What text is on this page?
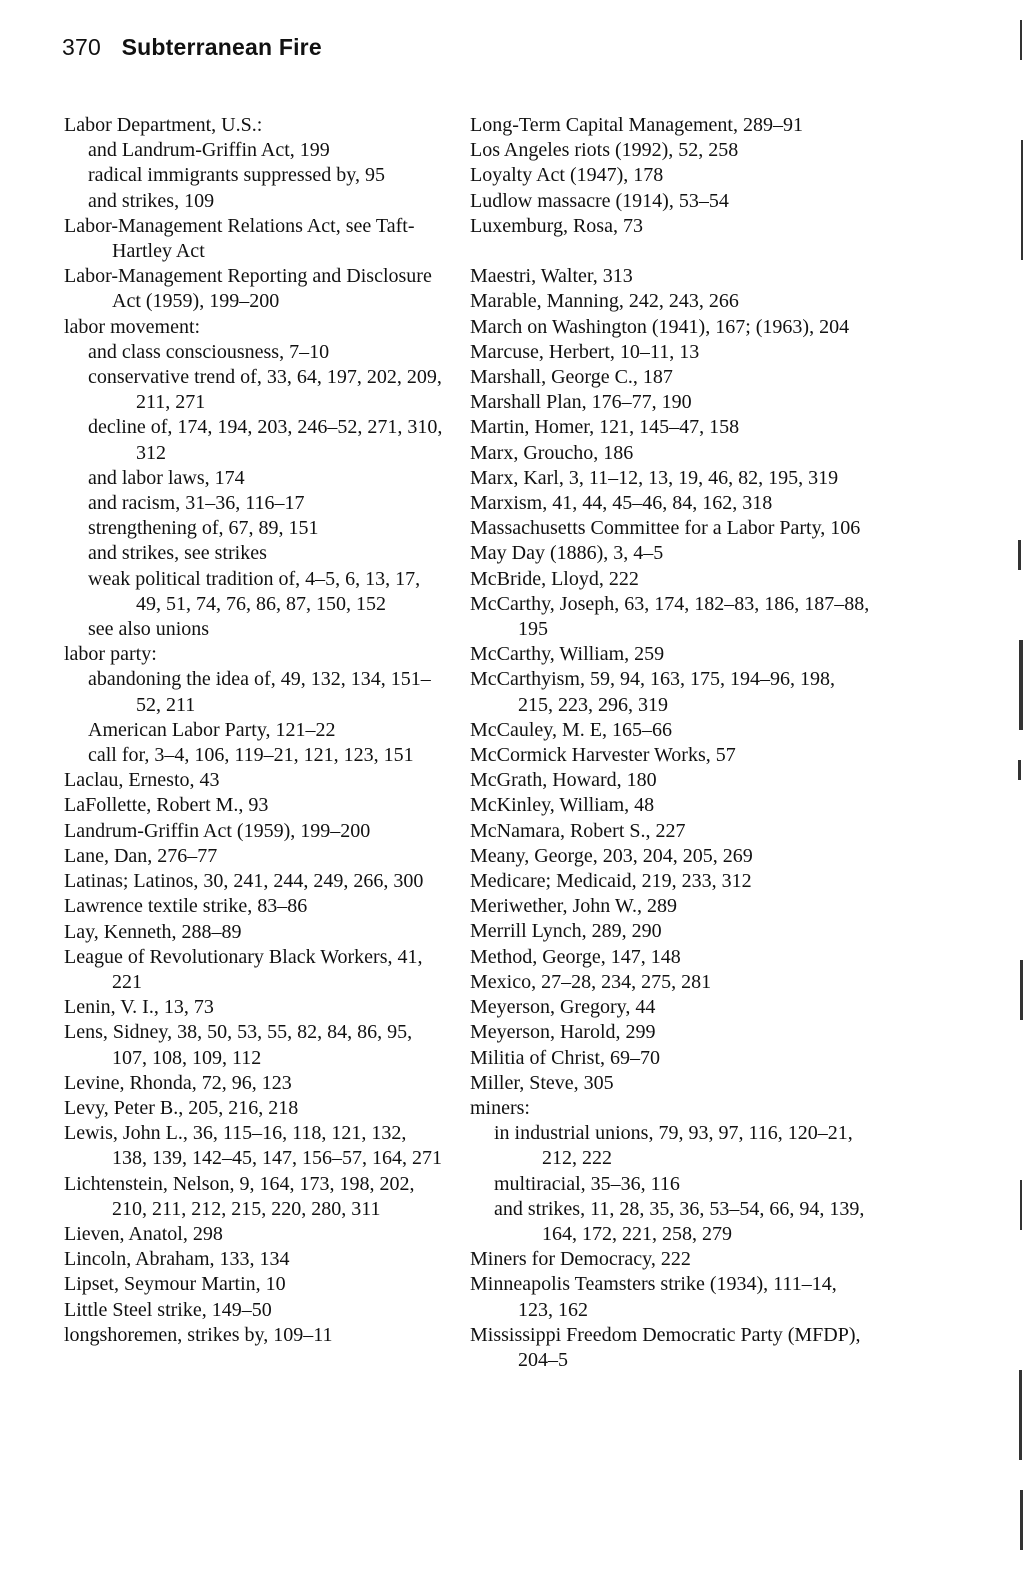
370 Subterranean Fire
Labor Department, U.S.:
and Landrum-Griffin Act, 199
radical immigrants suppressed by, 95
and strikes, 109
Labor-Management Relations Act, see Taft-Hartley Act
Labor-Management Reporting and Disclosure Act (1959), 199–200
labor movement:
and class consciousness, 7–10
conservative trend of, 33, 64, 197, 202, 209, 211, 271
decline of, 174, 194, 203, 246–52, 271, 310, 312
and labor laws, 174
and racism, 31–36, 116–17
strengthening of, 67, 89, 151
and strikes, see strikes
weak political tradition of, 4–5, 6, 13, 17, 49, 51, 74, 76, 86, 87, 150, 152
see also unions
labor party:
abandoning the idea of, 49, 132, 134, 151–52, 211
American Labor Party, 121–22
call for, 3–4, 106, 119–21, 121, 123, 151
Laclau, Ernesto, 43
LaFollette, Robert M., 93
Landrum-Griffin Act (1959), 199–200
Lane, Dan, 276–77
Latinas; Latinos, 30, 241, 244, 249, 266, 300
Lawrence textile strike, 83–86
Lay, Kenneth, 288–89
League of Revolutionary Black Workers, 41, 221
Lenin, V. I., 13, 73
Lens, Sidney, 38, 50, 53, 55, 82, 84, 86, 95, 107, 108, 109, 112
Levine, Rhonda, 72, 96, 123
Levy, Peter B., 205, 216, 218
Lewis, John L., 36, 115–16, 118, 121, 132, 138, 139, 142–45, 147, 156–57, 164, 271
Lichtenstein, Nelson, 9, 164, 173, 198, 202, 210, 211, 212, 215, 220, 280, 311
Lieven, Anatol, 298
Lincoln, Abraham, 133, 134
Lipset, Seymour Martin, 10
Little Steel strike, 149–50
longshoremen, strikes by, 109–11
Long-Term Capital Management, 289–91
Los Angeles riots (1992), 52, 258
Loyalty Act (1947), 178
Ludlow massacre (1914), 53–54
Luxemburg, Rosa, 73
Maestri, Walter, 313
Marable, Manning, 242, 243, 266
March on Washington (1941), 167; (1963), 204
Marcuse, Herbert, 10–11, 13
Marshall, George C., 187
Marshall Plan, 176–77, 190
Martin, Homer, 121, 145–47, 158
Marx, Groucho, 186
Marx, Karl, 3, 11–12, 13, 19, 46, 82, 195, 319
Marxism, 41, 44, 45–46, 84, 162, 318
Massachusetts Committee for a Labor Party, 106
May Day (1886), 3, 4–5
McBride, Lloyd, 222
McCarthy, Joseph, 63, 174, 182–83, 186, 187–88, 195
McCarthy, William, 259
McCarthyism, 59, 94, 163, 175, 194–96, 198, 215, 223, 296, 319
McCauley, M. E, 165–66
McCormick Harvester Works, 57
McGrath, Howard, 180
McKinley, William, 48
McNamara, Robert S., 227
Meany, George, 203, 204, 205, 269
Medicare; Medicaid, 219, 233, 312
Meriwether, John W., 289
Merrill Lynch, 289, 290
Method, George, 147, 148
Mexico, 27–28, 234, 275, 281
Meyerson, Gregory, 44
Meyerson, Harold, 299
Militia of Christ, 69–70
Miller, Steve, 305
miners:
in industrial unions, 79, 93, 97, 116, 120–21, 212, 222
multiracial, 35–36, 116
and strikes, 11, 28, 35, 36, 53–54, 66, 94, 139, 164, 172, 221, 258, 279
Miners for Democracy, 222
Minneapolis Teamsters strike (1934), 111–14, 123, 162
Mississippi Freedom Democratic Party (MFDP), 204–5
